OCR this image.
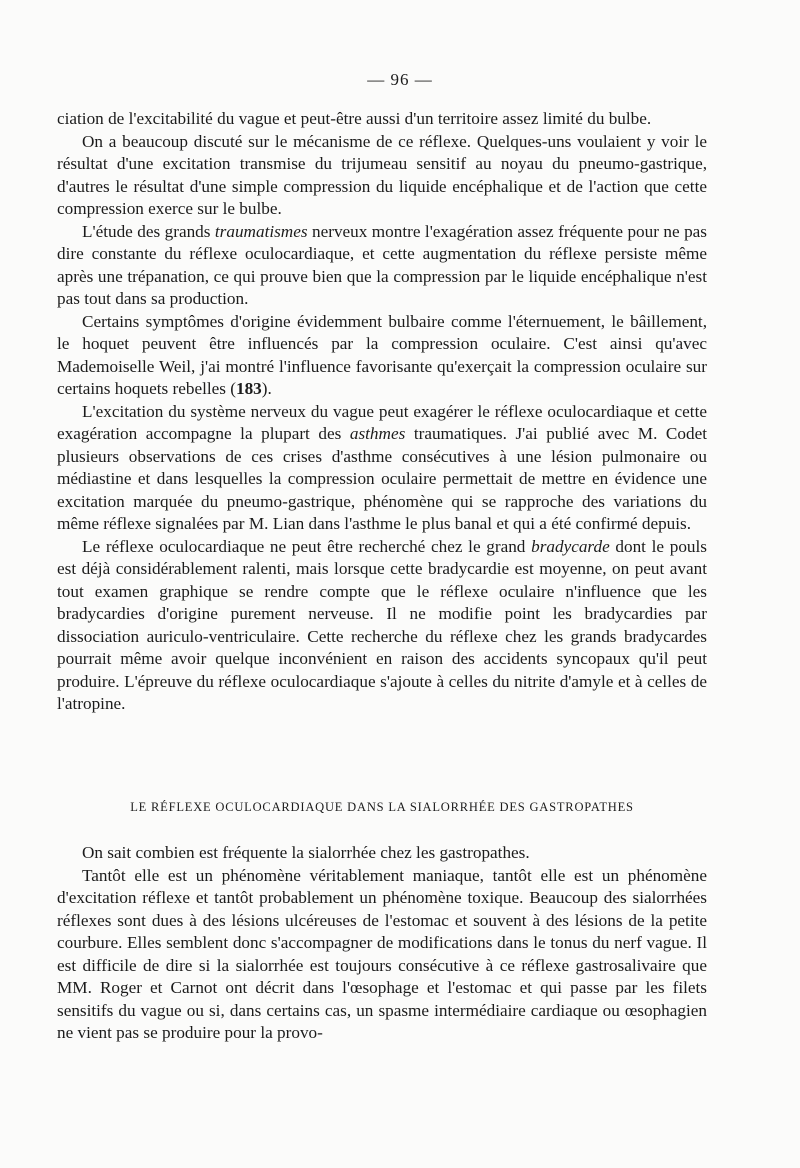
— 96 —

ciation de l'excitabilité du vague et peut-être aussi d'un territoire assez limité du bulbe.

On a beaucoup discuté sur le mécanisme de ce réflexe. Quelques-uns voulaient y voir le résultat d'une excitation transmise du trijumeau sensitif au noyau du pneumo-gastrique, d'autres le résultat d'une simple compression du liquide encéphalique et de l'action que cette compression exerce sur le bulbe.

L'étude des grands traumatismes nerveux montre l'exagération assez fréquente pour ne pas dire constante du réflexe oculocardiaque, et cette augmentation du réflexe persiste même après une trépanation, ce qui prouve bien que la compression par le liquide encéphalique n'est pas tout dans sa production.

Certains symptômes d'origine évidemment bulbaire comme l'éternuement, le bâillement, le hoquet peuvent être influencés par la compression oculaire. C'est ainsi qu'avec Mademoiselle Weil, j'ai montré l'influence favorisante qu'exerçait la compression oculaire sur certains hoquets rebelles (183).

L'excitation du système nerveux du vague peut exagérer le réflexe oculocardiaque et cette exagération accompagne la plupart des asthmes traumatiques. J'ai publié avec M. Codet plusieurs observations de ces crises d'asthme consécutives à une lésion pulmonaire ou médiastine et dans lesquelles la compression oculaire permettait de mettre en évidence une excitation marquée du pneumo-gastrique, phénomène qui se rapproche des variations du même réflexe signalées par M. Lian dans l'asthme le plus banal et qui a été confirmé depuis.

Le réflexe oculocardiaque ne peut être recherché chez le grand bradycarde dont le pouls est déjà considérablement ralenti, mais lorsque cette bradycardie est moyenne, on peut avant tout examen graphique se rendre compte que le réflexe oculaire n'influence que les bradycardies d'origine purement nerveuse. Il ne modifie point les bradycardies par dissociation auriculo-ventriculaire. Cette recherche du réflexe chez les grands bradycardes pourrait même avoir quelque inconvénient en raison des accidents syncopaux qu'il peut produire. L'épreuve du réflexe oculocardiaque s'ajoute à celles du nitrite d'amyle et à celles de l'atropine.

LE RÉFLEXE OCULOCARDIAQUE DANS LA SIALORRHÉE DES GASTROPATHES

On sait combien est fréquente la sialorrhée chez les gastropathes.

Tantôt elle est un phénomène véritablement maniaque, tantôt elle est un phénomène d'excitation réflexe et tantôt probablement un phénomène toxique. Beaucoup des sialorrhées réflexes sont dues à des lésions ulcéreuses de l'estomac et souvent à des lésions de la petite courbure. Elles semblent donc s'accompagner de modifications dans le tonus du nerf vague. Il est difficile de dire si la sialorrhée est toujours consécutive à ce réflexe gastrosalivaire que MM. Roger et Carnot ont décrit dans l'œsophage et l'estomac et qui passe par les filets sensitifs du vague ou si, dans certains cas, un spasme intermédiaire cardiaque ou œsophagien ne vient pas se produire pour la provo-
